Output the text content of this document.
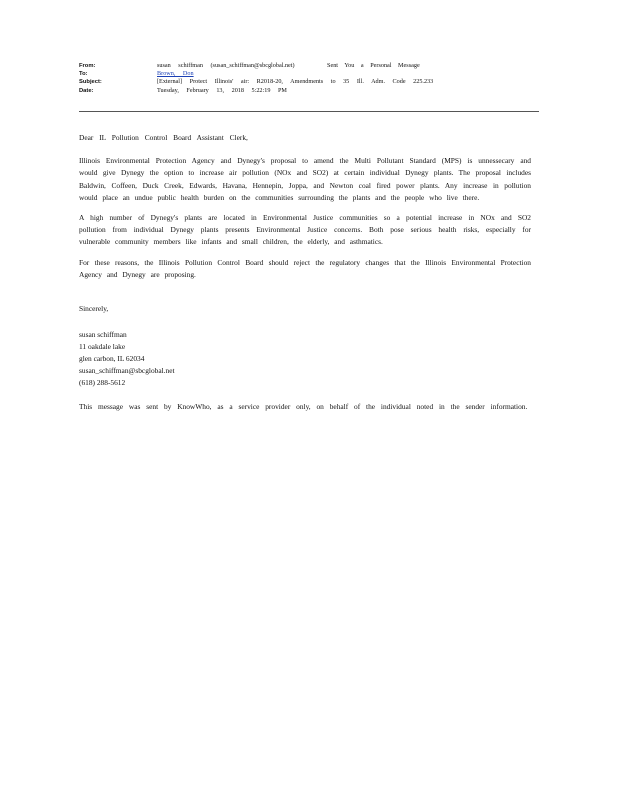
From:	susan schiffman (susan_schiffman@sbcglobal.net)	Sent You a Personal Message
To:	Brown, Don
Subject:	[External] Protect Illinois' air: R2018-20, Amendments to 35 Ill. Adm. Code 225.233
Date:	Tuesday, February 13, 2018 5:22:19 PM

Dear IL Pollution Control Board Assistant Clerk,

Illinois Environmental Protection Agency and Dynegy's proposal to amend the Multi Pollutant Standard (MPS) is unnessecary and would give Dynegy the option to increase air pollution (NOx and SO2) at certain individual Dynegy plants. The proposal includes Baldwin, Coffeen, Duck Creek, Edwards, Havana, Hennepin, Joppa, and Newton coal fired power plants. Any increase in pollution would place an undue public health burden on the communities surrounding the plants and the people who live there.

A high number of Dynegy's plants are located in Environmental Justice communities so a potential increase in NOx and SO2 pollution from individual Dynegy plants presents Environmental Justice concerns. Both pose serious health risks, especially for vulnerable community members like infants and small children, the elderly, and asthmatics.

For these reasons, the Illinois Pollution Control Board should reject the regulatory changes that the Illinois Environmental Protection Agency and Dynegy are proposing.

Sincerely,

susan schiffman
11 oakdale lake
glen carbon, IL 62034
susan_schiffman@sbcglobal.net
(618) 288-5612

This message was sent by KnowWho, as a service provider only, on behalf of the individual noted in the sender information.
